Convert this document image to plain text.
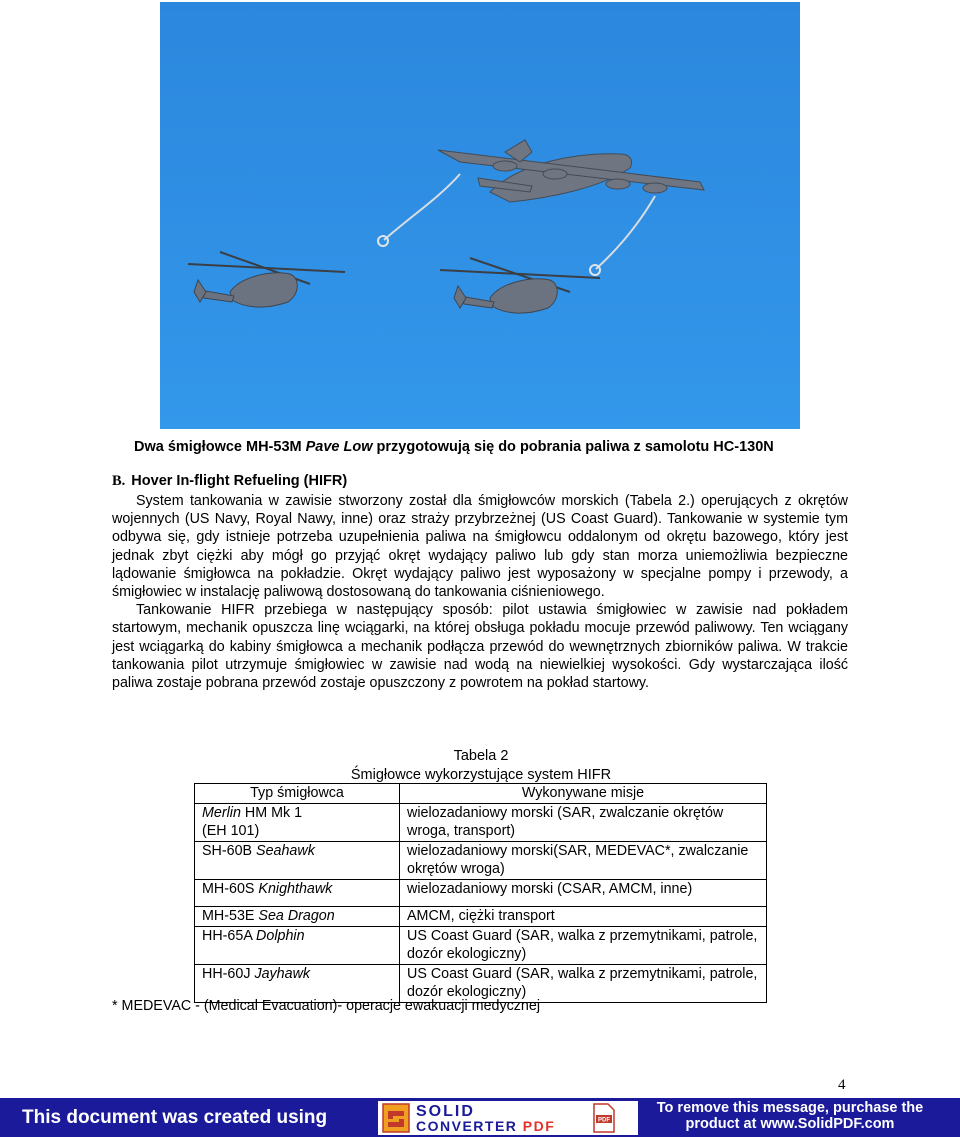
Dwa śmigłowce MH-53M Pave Low przygotowują się do pobrania paliwa z samolotu HC-130N
B. Hover In-flight Refueling (HIFR)

System tankowania w zawisie stworzony został dla śmigłowców morskich (Tabela 2.) operujących z okrętów wojennych (US Navy, Royal Nawy, inne) oraz straży przybrzeżnej (US Coast Guard). Tankowanie w systemie tym odbywa się, gdy istnieje potrzeba uzupełnienia paliwa na śmigłowcu oddalonym od okrętu bazowego, który jest jednak zbyt ciężki aby mógł go przyjąć okręt wydający paliwo lub gdy stan morza uniemożliwia bezpieczne lądowanie śmigłowca na pokładzie. Okręt wydający paliwo jest wyposażony w specjalne pompy i przewody, a śmigłowiec w instalację paliwową dostosowaną do tankowania ciśnieniowego.

Tankowanie HIFR przebiega w następujący sposób: pilot ustawia śmigłowiec w zawisie nad pokładem startowym, mechanik opuszcza linę wciągarki, na której obsługa pokładu mocuje przewód paliwowy. Ten wciągany jest wciągarką do kabiny śmigłowca a mechanik podłącza przewód do wewnętrznych zbiorników paliwa. W trakcie tankowania pilot utrzymuje śmigłowiec w zawisie nad wodą na niewielkiej wysokości. Gdy wystarczająca ilość paliwa zostaje pobrana przewód zostaje opuszczony z powrotem na pokład startowy.

Tabela 2
Śmigłowce wykorzystujące system HIFR
Typ śmigłowca	Wykonywane misje
Merlin HM Mk 1
(EH 101)	wielozadaniowy morski (SAR, zwalczanie okrętów wroga, transport)
SH-60B Seahawk	wielozadaniowy morski(SAR, MEDEVAC*, zwalczanie okrętów wroga)
MH-60S Knighthawk	wielozadaniowy morski (CSAR, AMCM, inne)
MH-53E Sea Dragon	AMCM, ciężki transport
HH-65A Dolphin	US Coast Guard (SAR, walka z przemytnikami, patrole, dozór ekologiczny)
HH-60J Jayhawk	US Coast Guard (SAR, walka z przemytnikami, patrole, dozór ekologiczny)
* MEDEVAC - (Medical Evacuation)- operacje ewakuacji medycznej
4
This document was created using	SOLID
CONVERTER PDF	PDF
To remove this message, purchase the
product at www.SolidPDF.com
